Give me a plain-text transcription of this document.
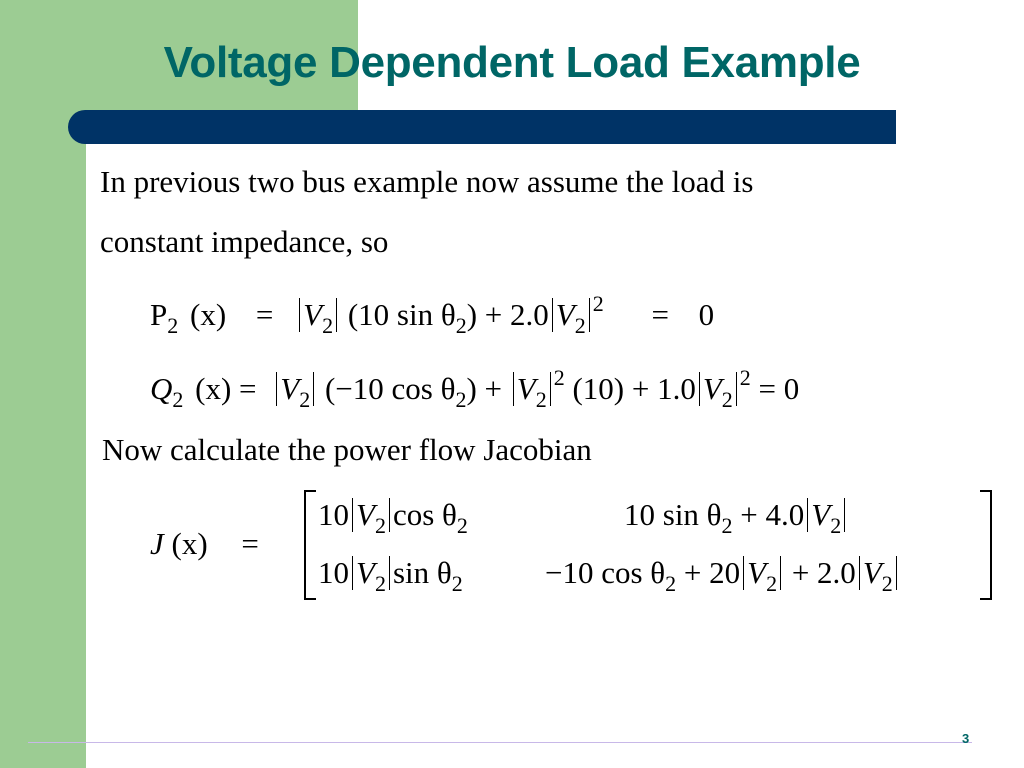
Voltage Dependent Load Example
In previous two bus example now assume the load is
constant impedance, so
$P_2$ $(x) = V_2$ (10 $\sin \theta_2) + 2.0$ $V_2^2 = 0$
$Q_2$ $(x) = V_2$ (−10 $\cos \theta_2) + V_2^2$ (10) + 1.0 $V_2^2 = 0$
Now calculate the power flow Jacobian
J (x) =
10 $V_2$ $\cos \theta_2$	10 $\sin \theta_2 + 4.0$ $V_2$
10 $V_2$ $\sin \theta_2$	−10 $\cos \theta_2 + 20$ $V_2 + 2.0$ $V_2$
3
